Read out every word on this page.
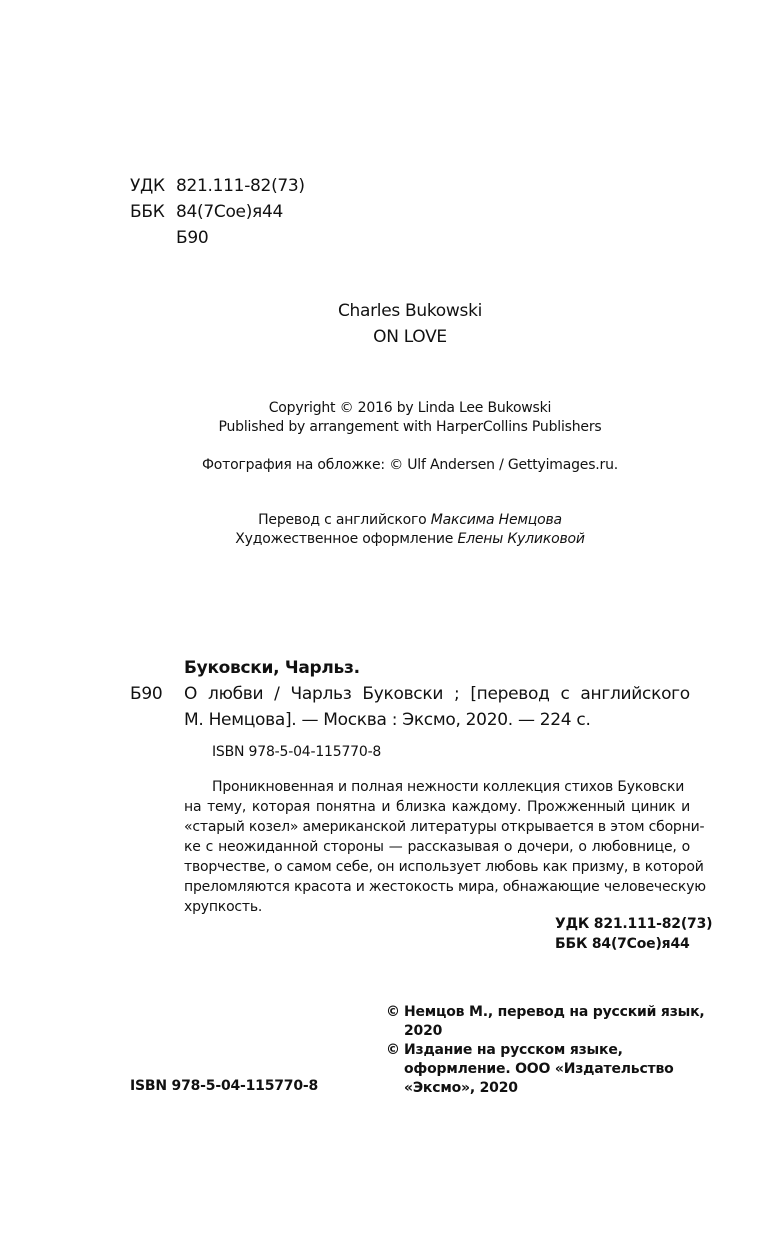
УДК 821.111-82(73)
ББК 84(7Сое)я44
Б90
Charles Bukowski
ON LOVE
Copyright © 2016 by Linda Lee Bukowski
Published by arrangement with HarperCollins Publishers
Фотография на обложке: © Ulf Andersen / Gettyimages.ru.
Перевод с английского Максима Немцова
Художественное оформление Елены Куликовой
Буковски, Чарльз.
Б90 О любви / Чарльз Буковски ; [перевод с английского
М. Немцова]. — Москва : Эксмо, 2020. — 224 с.
ISBN 978-5-04-115770-8
Проникновенная и полная нежности коллекция стихов Буковски
на тему, которая понятна и близка каждому. Прожженный циник и
«старый козел» американской литературы открывается в этом сборни-
ке с неожиданной стороны — рассказывая о дочери, о любовнице, о
творчестве, о самом себе, он использует любовь как призму, в которой
преломляются красота и жестокость мира, обнажающие человеческую
хрупкость.
УДК 821.111-82(73)
ББК 84(7Сое)я44
© Немцов М., перевод на русский язык,
2020
© Издание на русском языке,
оформление. ООО «Издательство
«Эксмо», 2020
ISBN 978-5-04-115770-8
